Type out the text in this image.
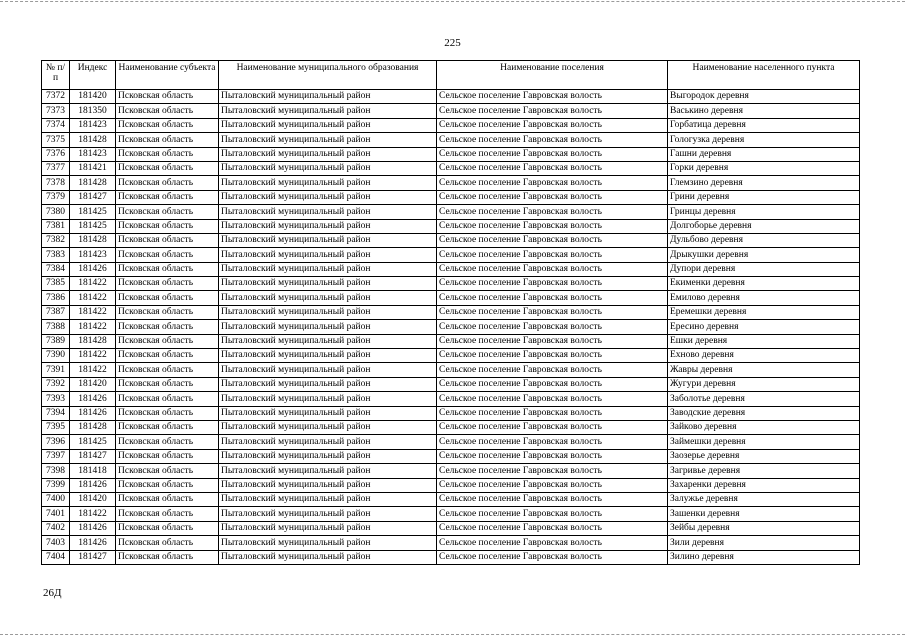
225
№ п/п	Индекс	Наименование субъекта	Наименование муниципального образования	Наименование поселения	Наименование населенного пункта
7372	181420	Псковская область	Пыталовский муниципальный район	Сельское поселение Гавровская волость	Выгородок деревня
7373	181350	Псковская область	Пыталовский муниципальный район	Сельское поселение Гавровская волость	Васькино деревня
7374	181423	Псковская область	Пыталовский муниципальный район	Сельское поселение Гавровская волость	Горбатица деревня
7375	181428	Псковская область	Пыталовский муниципальный район	Сельское поселение Гавровская волость	Гологузка деревня
7376	181423	Псковская область	Пыталовский муниципальный район	Сельское поселение Гавровская волость	Гашни деревня
7377	181421	Псковская область	Пыталовский муниципальный район	Сельское поселение Гавровская волость	Горки деревня
7378	181428	Псковская область	Пыталовский муниципальный район	Сельское поселение Гавровская волость	Глемзино деревня
7379	181427	Псковская область	Пыталовский муниципальный район	Сельское поселение Гавровская волость	Грини деревня
7380	181425	Псковская область	Пыталовский муниципальный район	Сельское поселение Гавровская волость	Гринцы деревня
7381	181425	Псковская область	Пыталовский муниципальный район	Сельское поселение Гавровская волость	Долгоборье деревня
7382	181428	Псковская область	Пыталовский муниципальный район	Сельское поселение Гавровская волость	Дульбово деревня
7383	181423	Псковская область	Пыталовский муниципальный район	Сельское поселение Гавровская волость	Дрыкушки деревня
7384	181426	Псковская область	Пыталовский муниципальный район	Сельское поселение Гавровская волость	Дупори деревня
7385	181422	Псковская область	Пыталовский муниципальный район	Сельское поселение Гавровская волость	Екименки деревня
7386	181422	Псковская область	Пыталовский муниципальный район	Сельское поселение Гавровская волость	Емилово деревня
7387	181422	Псковская область	Пыталовский муниципальный район	Сельское поселение Гавровская волость	Еремешки деревня
7388	181422	Псковская область	Пыталовский муниципальный район	Сельское поселение Гавровская волость	Ересино деревня
7389	181428	Псковская область	Пыталовский муниципальный район	Сельское поселение Гавровская волость	Ешки деревня
7390	181422	Псковская область	Пыталовский муниципальный район	Сельское поселение Гавровская волость	Ехново деревня
7391	181422	Псковская область	Пыталовский муниципальный район	Сельское поселение Гавровская волость	Жавры деревня
7392	181420	Псковская область	Пыталовский муниципальный район	Сельское поселение Гавровская волость	Жугури деревня
7393	181426	Псковская область	Пыталовский муниципальный район	Сельское поселение Гавровская волость	Заболотье деревня
7394	181426	Псковская область	Пыталовский муниципальный район	Сельское поселение Гавровская волость	Заводские деревня
7395	181428	Псковская область	Пыталовский муниципальный район	Сельское поселение Гавровская волость	Зайково деревня
7396	181425	Псковская область	Пыталовский муниципальный район	Сельское поселение Гавровская волость	Займешки деревня
7397	181427	Псковская область	Пыталовский муниципальный район	Сельское поселение Гавровская волость	Заозерье деревня
7398	181418	Псковская область	Пыталовский муниципальный район	Сельское поселение Гавровская волость	Загривье деревня
7399	181426	Псковская область	Пыталовский муниципальный район	Сельское поселение Гавровская волость	Захаренки деревня
7400	181420	Псковская область	Пыталовский муниципальный район	Сельское поселение Гавровская волость	Залужье деревня
7401	181422	Псковская область	Пыталовский муниципальный район	Сельское поселение Гавровская волость	Зашенки деревня
7402	181426	Псковская область	Пыталовский муниципальный район	Сельское поселение Гавровская волость	Зейбы деревня
7403	181426	Псковская область	Пыталовский муниципальный район	Сельское поселение Гавровская волость	Зили деревня
7404	181427	Псковская область	Пыталовский муниципальный район	Сельское поселение Гавровская волость	Зилино деревня
26Д
